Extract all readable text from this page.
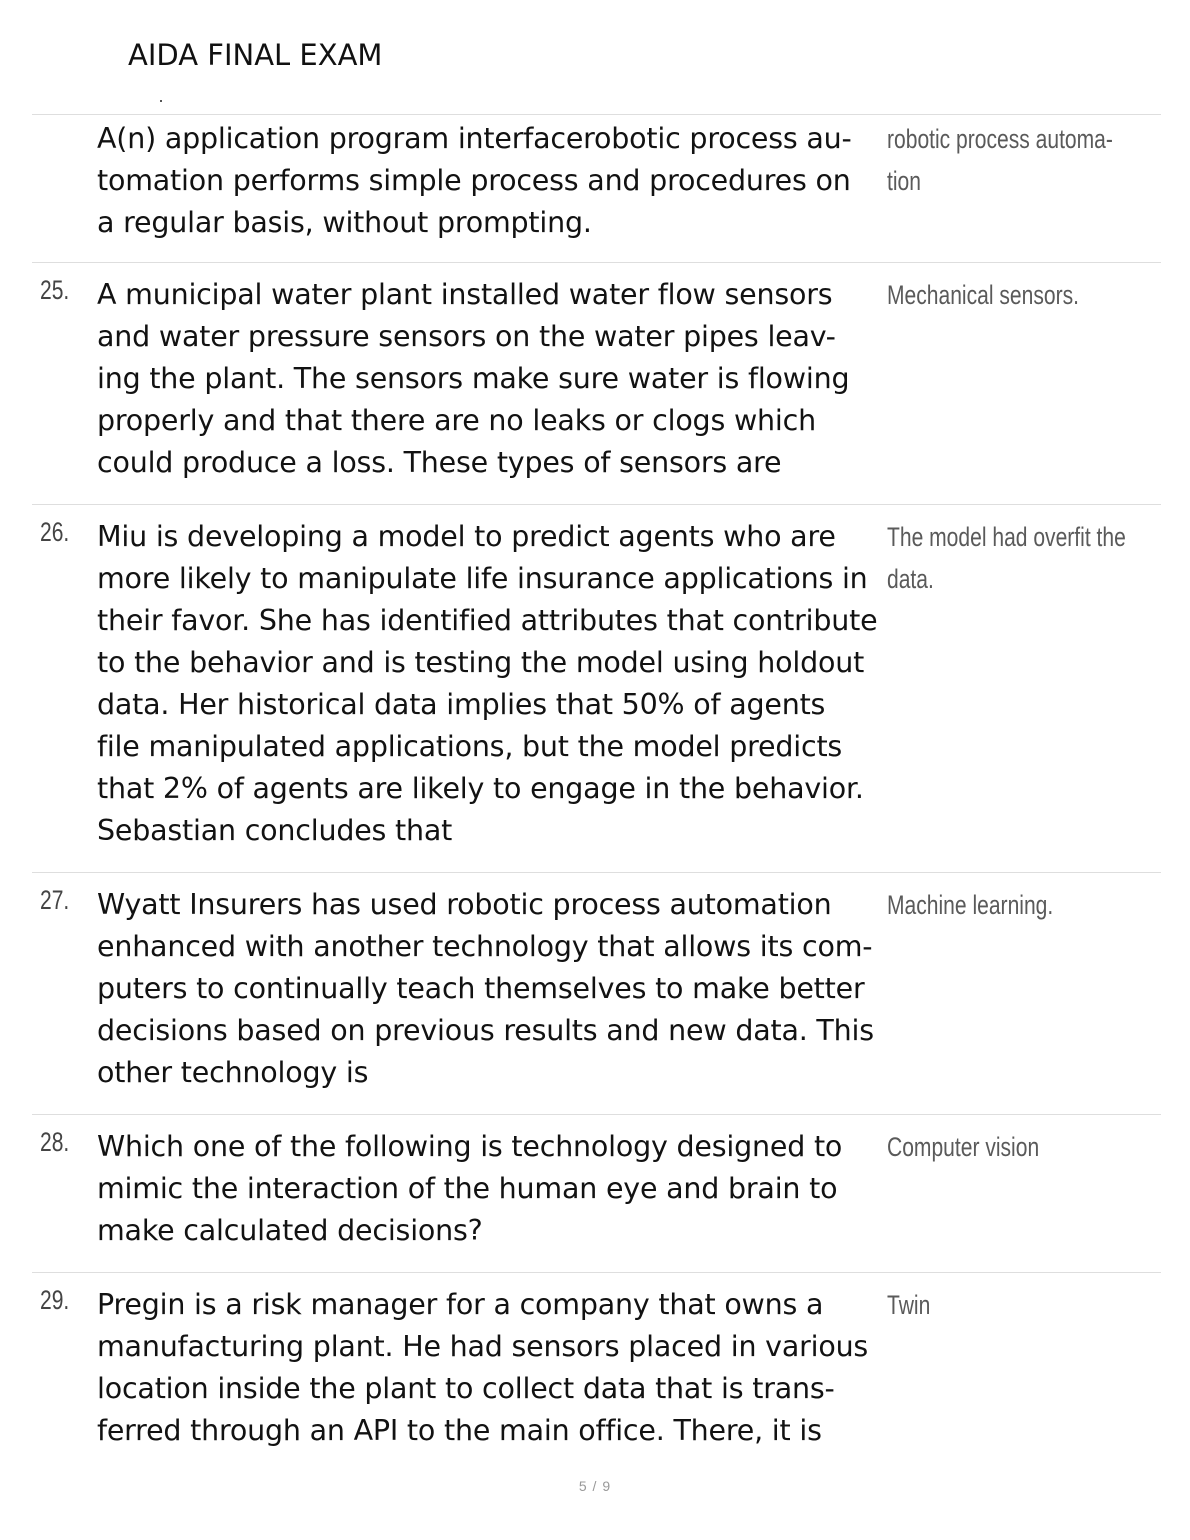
AIDA FINAL EXAM
A(n) application program interfacerobotic process au-
tomation performs simple process and procedures on
a regular basis, without prompting.
robotic process automa-
tion
25. A municipal water plant installed water flow sensors
and water pressure sensors on the water pipes leav-
ing the plant. The sensors make sure water is flowing
properly and that there are no leaks or clogs which
could produce a loss. These types of sensors are
Mechanical sensors.
26. Miu is developing a model to predict agents who are
more likely to manipulate life insurance applications in
their favor. She has identified attributes that contribute
to the behavior and is testing the model using holdout
data. Her historical data implies that 50% of agents
file manipulated applications, but the model predicts
that 2% of agents are likely to engage in the behavior.
Sebastian concludes that
The model had overfit the
data.
27. Wyatt Insurers has used robotic process automation
enhanced with another technology that allows its com-
puters to continually teach themselves to make better
decisions based on previous results and new data. This
other technology is
Machine learning.
28. Which one of the following is technology designed to
mimic the interaction of the human eye and brain to
make calculated decisions?
Computer vision
29. Pregin is a risk manager for a company that owns a
manufacturing plant. He had sensors placed in various
location inside the plant to collect data that is trans-
ferred through an API to the main office. There, it is
Twin
5 / 9
